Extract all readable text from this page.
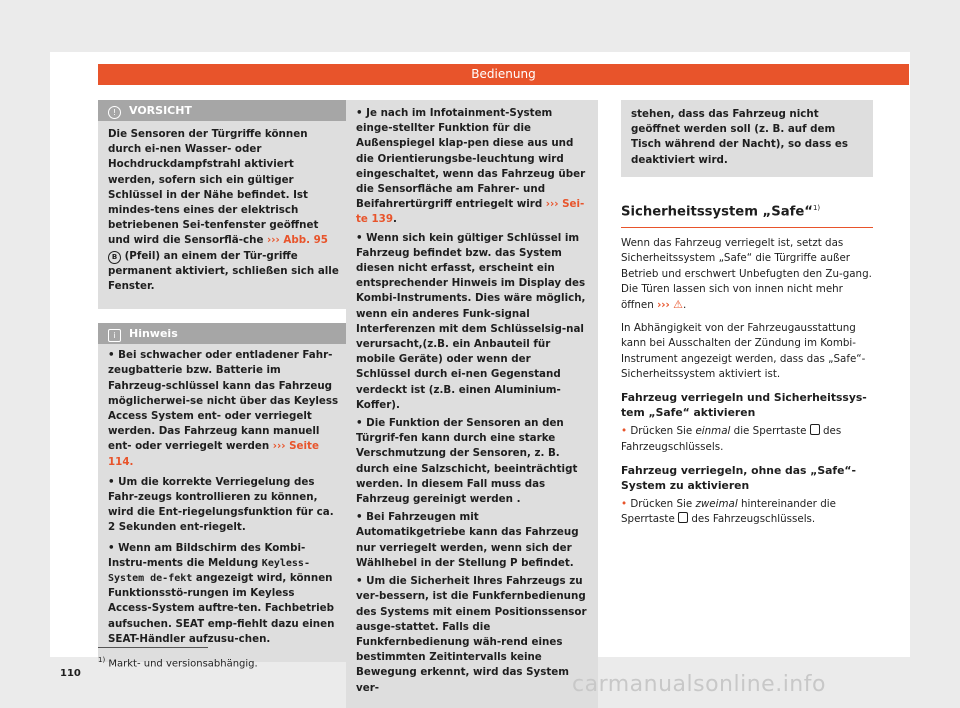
Bedienung
! VORSICHT

Die Sensoren der Türgriffe können durch ei-nen Wasser- oder Hochdruckdampfstrahl aktiviert werden, sofern sich ein gültiger Schlüssel in der Nähe befindet. Ist mindes-tens eines der elektrisch betriebenen Sei-tenfenster geöffnet und wird die Sensorflä-che ››› Abb. 95 B (Pfeil) an einem der Tür-griffe permanent aktiviert, schließen sich alle Fenster.

i Hinweis

• Bei schwacher oder entladener Fahr-zeugbatterie bzw. Batterie im Fahrzeug-schlüssel kann das Fahrzeug möglicherwei-se nicht über das Keyless Access System ent- oder verriegelt werden. Das Fahrzeug kann manuell ent- oder verriegelt werden ››› Seite 114.

• Um die korrekte Verriegelung des Fahr-zeugs kontrollieren zu können, wird die Ent-riegelungsfunktion für ca. 2 Sekunden ent-riegelt.

• Wenn am Bildschirm des Kombi-Instru-ments die Meldung Keyless-System de-fekt angezeigt wird, können Funktionsstö-rungen im Keyless Access-System auftre-ten. Fachbetrieb aufsuchen. SEAT emp-fiehlt dazu einen SEAT-Händler aufzusu-chen.

• Je nach im Infotainment-System einge-stellter Funktion für die Außenspiegel klap-pen diese aus und die Orientierungsbe-leuchtung wird eingeschaltet, wenn das Fahrzeug über die Sensorfläche am Fahrer- und Beifahrertürgriff entriegelt wird ››› Sei-te 139.

• Wenn sich kein gültiger Schlüssel im Fahrzeug befindet bzw. das System diesen nicht erfasst, erscheint ein entsprechender Hinweis im Display des Kombi-Instruments. Dies wäre möglich, wenn ein anderes Funk-signal Interferenzen mit dem Schlüsselsig-nal verursacht,(z.B. ein Anbauteil für mobile Geräte) oder wenn der Schlüssel durch ei-nen Gegenstand verdeckt ist (z.B. einen Aluminium-Koffer).

• Die Funktion der Sensoren an den Türgrif-fen kann durch eine starke Verschmutzung der Sensoren, z. B. durch eine Salzschicht, beeinträchtigt werden. In diesem Fall muss das Fahrzeug gereinigt werden .

• Bei Fahrzeugen mit Automatikgetriebe kann das Fahrzeug nur verriegelt werden, wenn sich der Wählhebel in der Stellung P befindet.

• Um die Sicherheit Ihres Fahrzeugs zu ver-bessern, ist die Funkfernbedienung des Systems mit einem Positionssensor ausge-stattet. Falls die Funkfernbedienung wäh-rend eines bestimmten Zeitintervalls keine Bewegung erkennt, wird das System ver-

stehen, dass das Fahrzeug nicht geöffnet werden soll (z. B. auf dem Tisch während der Nacht), so dass es deaktiviert wird.
Sicherheitssystem „Safe“$^{1)}$

Wenn das Fahrzeug verriegelt ist, setzt das Sicherheitssystem „Safe“ die Türgriffe außer Betrieb und erschwert Unbefugten den Zu-gang. Die Türen lassen sich von innen nicht mehr öffnen ››› ⚠.

In Abhängigkeit von der Fahrzeugausstattung kann bei Ausschalten der Zündung im Kombi-Instrument angezeigt werden, dass das „Safe“-Sicherheitssystem aktiviert ist.

Fahrzeug verriegeln und Sicherheitssys-tem „Safe“ aktivieren

• Drücken Sie einmal die Sperrtaste  des Fahrzeugschlüssels.

Fahrzeug verriegeln, ohne das „Safe“-System zu aktivieren

• Drücken Sie zweimal hintereinander die Sperrtaste  des Fahrzeugschlüssels.

$^{1)}$ Markt- und versionsabhängig.
110	carmanualsonline.info
